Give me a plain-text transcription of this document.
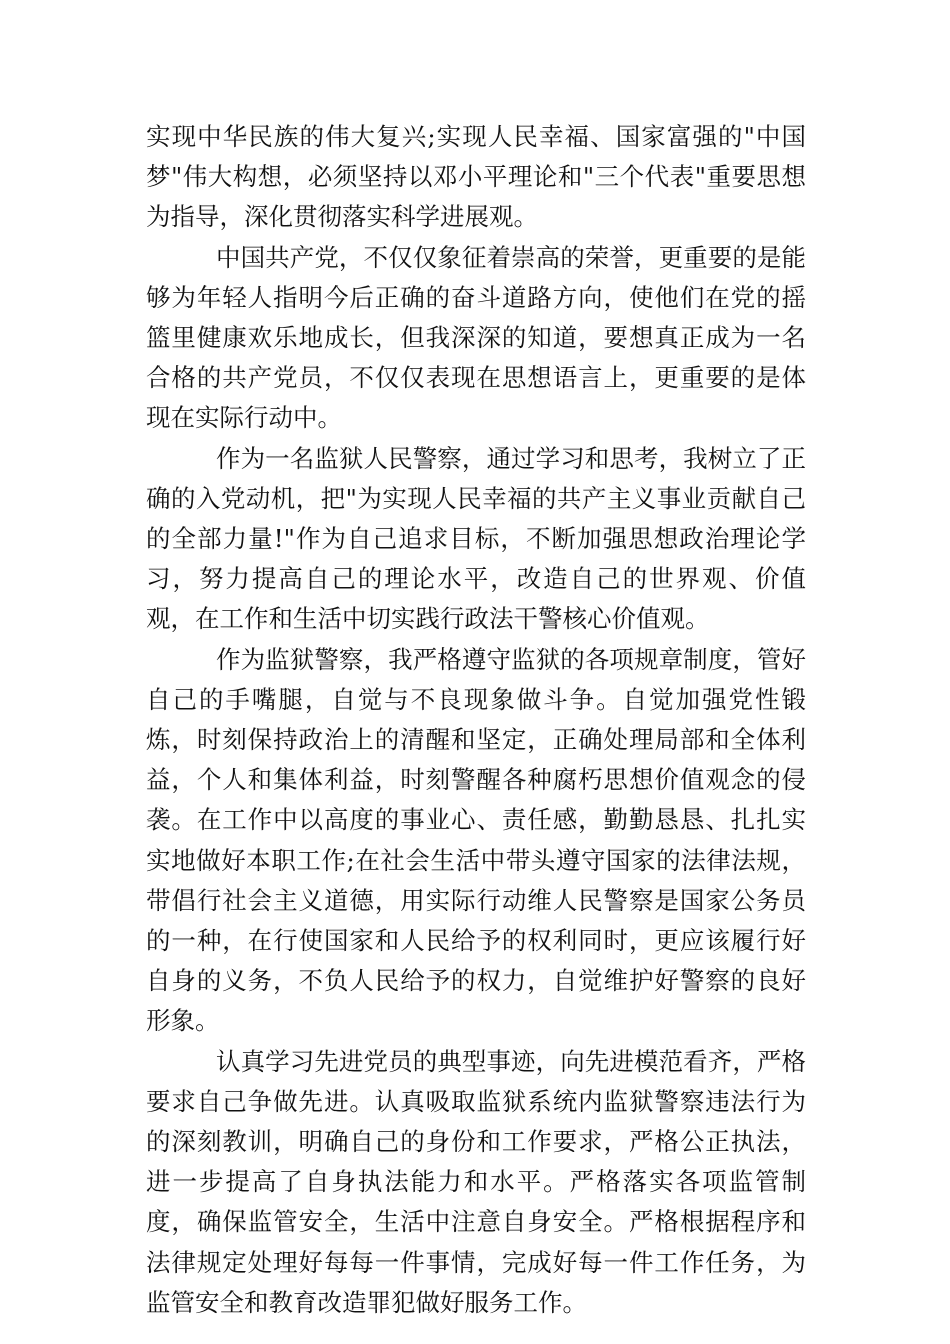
实现中华民族的伟大复兴;实现人民幸福、国家富强的"中国梦"伟大构想，必须坚持以邓小平理论和"三个代表"重要思想为指导，深化贯彻落实科学进展观。

中国共产党，不仅仅象征着崇高的荣誉，更重要的是能够为年轻人指明今后正确的奋斗道路方向，使他们在党的摇篮里健康欢乐地成长，但我深深的知道，要想真正成为一名合格的共产党员，不仅仅表现在思想语言上，更重要的是体现在实际行动中。

作为一名监狱人民警察，通过学习和思考，我树立了正确的入党动机，把"为实现人民幸福的共产主义事业贡献自己的全部力量!"作为自己追求目标，不断加强思想政治理论学习，努力提高自己的理论水平，改造自己的世界观、价值观，在工作和生活中切实践行政法干警核心价值观。

作为监狱警察，我严格遵守监狱的各项规章制度，管好自己的手嘴腿，自觉与不良现象做斗争。自觉加强党性锻炼，时刻保持政治上的清醒和坚定，正确处理局部和全体利益，个人和集体利益，时刻警醒各种腐朽思想价值观念的侵袭。在工作中以高度的事业心、责任感，勤勤恳恳、扎扎实实地做好本职工作;在社会生活中带头遵守国家的法律法规，带倡行社会主义道德，用实际行动维人民警察是国家公务员的一种，在行使国家和人民给予的权利同时，更应该履行好自身的义务，不负人民给予的权力，自觉维护好警察的良好形象。

认真学习先进党员的典型事迹，向先进模范看齐，严格要求自己争做先进。认真吸取监狱系统内监狱警察违法行为的深刻教训，明确自己的身份和工作要求，严格公正执法，进一步提高了自身执法能力和水平。严格落实各项监管制度，确保监管安全，生活中注意自身安全。严格根据程序和法律规定处理好每每一件事情，完成好每一件工作任务，为监管安全和教育改造罪犯做好服务工作。
